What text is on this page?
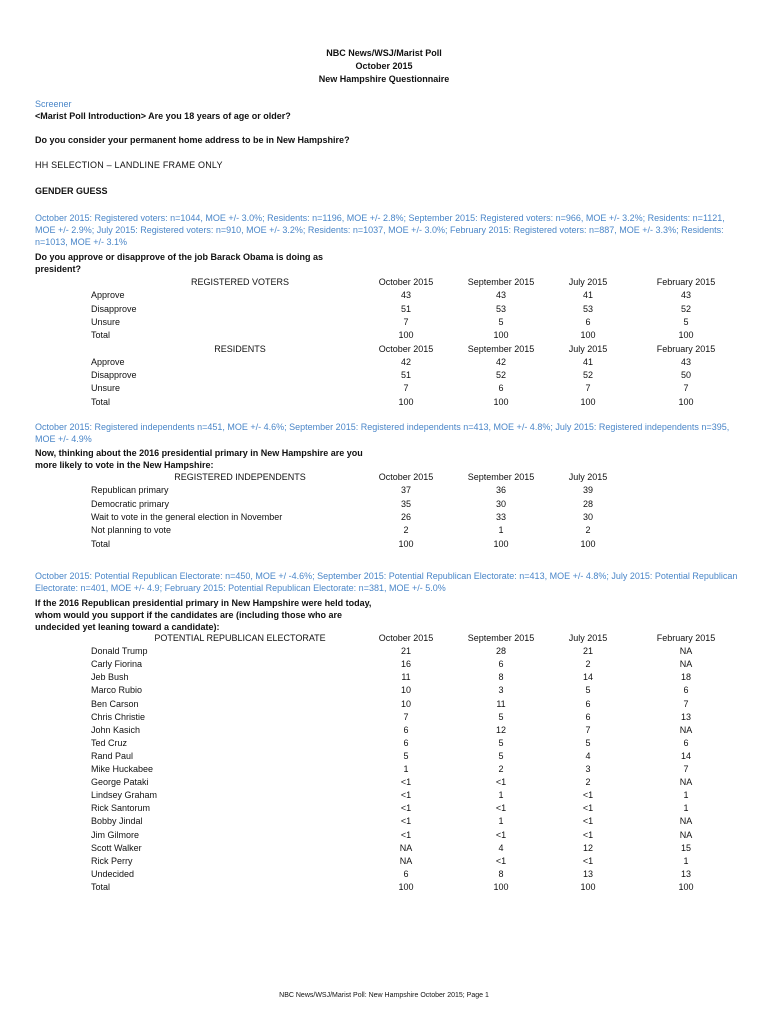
NBC News/WSJ/Marist Poll
October 2015
New Hampshire Questionnaire
Screener
<Marist Poll Introduction> Are you 18 years of age or older?
Do you consider your permanent home address to be in New Hampshire?
HH SELECTION – LANDLINE FRAME ONLY
GENDER GUESS
October 2015: Registered voters: n=1044, MOE +/- 3.0%; Residents: n=1196, MOE +/- 2.8%; September 2015: Registered voters: n=966, MOE +/- 3.2%; Residents: n=1121, MOE +/- 2.9%; July 2015: Registered voters: n=910, MOE +/- 3.2%; Residents: n=1037, MOE +/- 3.0%; February 2015: Registered voters: n=887, MOE +/- 3.3%; Residents: n=1013, MOE +/- 3.1%
Do you approve or disapprove of the job Barack Obama is doing as president?
REGISTERED VOTERS	October 2015	September 2015	July 2015	February 2015
Approve	43	43	41	43
Disapprove	51	53	53	52
Unsure	7	5	6	5
Total	100	100	100	100
RESIDENTS	October 2015	September 2015	July 2015	February 2015
Approve	42	42	41	43
Disapprove	51	52	52	50
Unsure	7	6	7	7
Total	100	100	100	100
October 2015: Registered independents n=451, MOE +/- 4.6%; September 2015: Registered independents n=413, MOE +/- 4.8%; July 2015: Registered independents n=395, MOE +/- 4.9%
Now, thinking about the 2016 presidential primary in New Hampshire are you more likely to vote in the New Hampshire:
REGISTERED INDEPENDENTS	October 2015	September 2015	July 2015
Republican primary	37	36	39
Democratic primary	35	30	28
Wait to vote in the general election in November	26	33	30
Not planning to vote	2	1	2
Total	100	100	100
October 2015: Potential Republican Electorate: n=450, MOE +/ -4.6%; September 2015: Potential Republican Electorate: n=413, MOE +/- 4.8%; July 2015: Potential Republican Electorate: n=401, MOE +/- 4.9; February 2015: Potential Republican Electorate: n=381, MOE +/- 5.0%
If the 2016 Republican presidential primary in New Hampshire were held today, whom would you support if the candidates are (including those who are undecided yet leaning toward a candidate):
POTENTIAL REPUBLICAN ELECTORATE	October 2015	September 2015	July 2015	February 2015
Donald Trump	21	28	21	NA
Carly Fiorina	16	6	2	NA
Jeb Bush	11	8	14	18
Marco Rubio	10	3	5	6
Ben Carson	10	11	6	7
Chris Christie	7	5	6	13
John Kasich	6	12	7	NA
Ted Cruz	6	5	5	6
Rand Paul	5	5	4	14
Mike Huckabee	1	2	3	7
George Pataki	<1	<1	2	NA
Lindsey Graham	<1	1	<1	1
Rick Santorum	<1	<1	<1	1
Bobby Jindal	<1	1	<1	NA
Jim Gilmore	<1	<1	<1	NA
Scott Walker	NA	4	12	15
Rick Perry	NA	<1	<1	1
Undecided	6	8	13	13
Total	100	100	100	100
NBC News/WSJ/Marist Poll: New Hampshire October 2015; Page 1
